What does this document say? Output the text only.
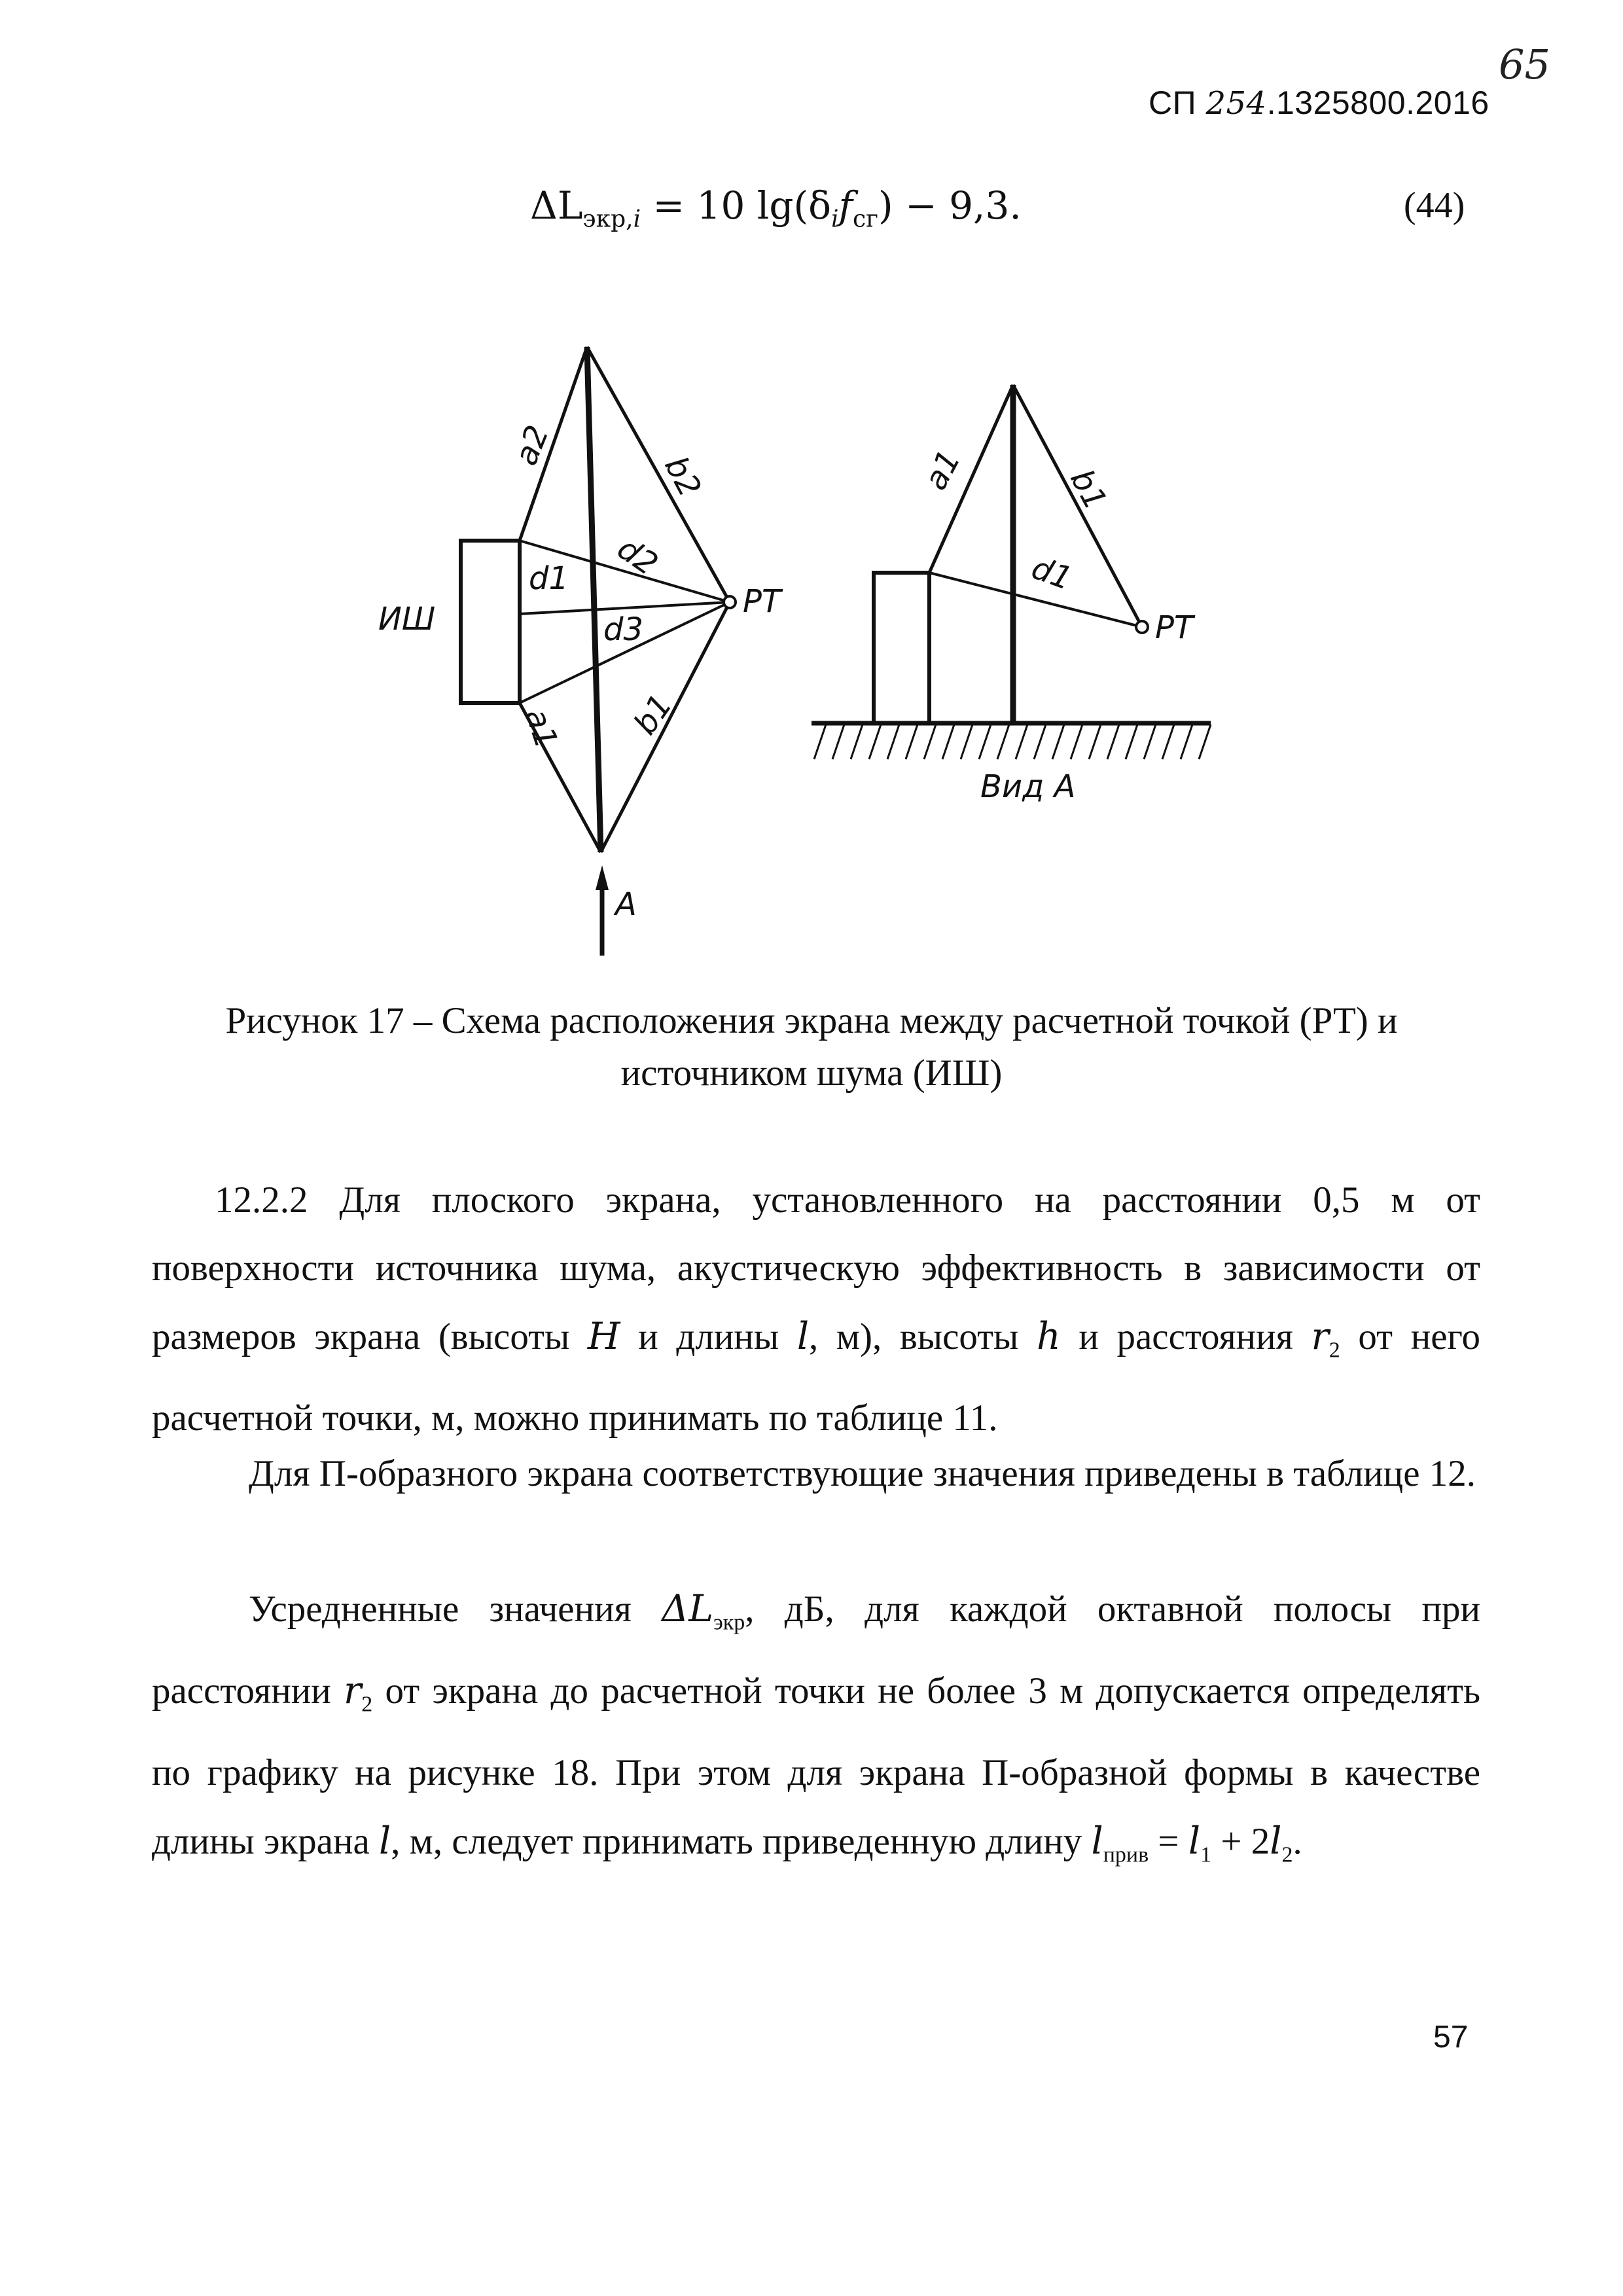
СП 254.1325800.2016
65
$\Delta L_{экр,i} = 10$ $\lg(\delta_if_{сг}) - 9,3$.	(44)
ИШ	РТ
a2
b2
d2
d1
d3
a1 b1
А
a1	b1
d1
РТ
Вид А
Рисунок 17 – Схема расположения экрана между расчетной точкой (РТ) и
источником шума (ИШ)
12.2.2 Для плоского экрана, установленного на расстоянии 0,5 м от поверхности источника шума, акустическую эффективность в зависимости от размеров экрана (высоты H и длины l, м), высоты h и расстояния $r_2$ от него расчетной точки, м, можно принимать по таблице 11.
Для П-образного экрана соответствующие значения приведены в таблице 12.
Усредненные значения $\Delta L_{экр}$, дБ, для каждой октавной полосы при расстоянии $r_2$ от экрана до расчетной точки не более 3 м допускается определять по графику на рисунке 18. При этом для экрана П-образной формы в качестве длины экрана l, м, следует принимать приведенную длину $l_{прив} = l_1 + 2l_2$.
57
